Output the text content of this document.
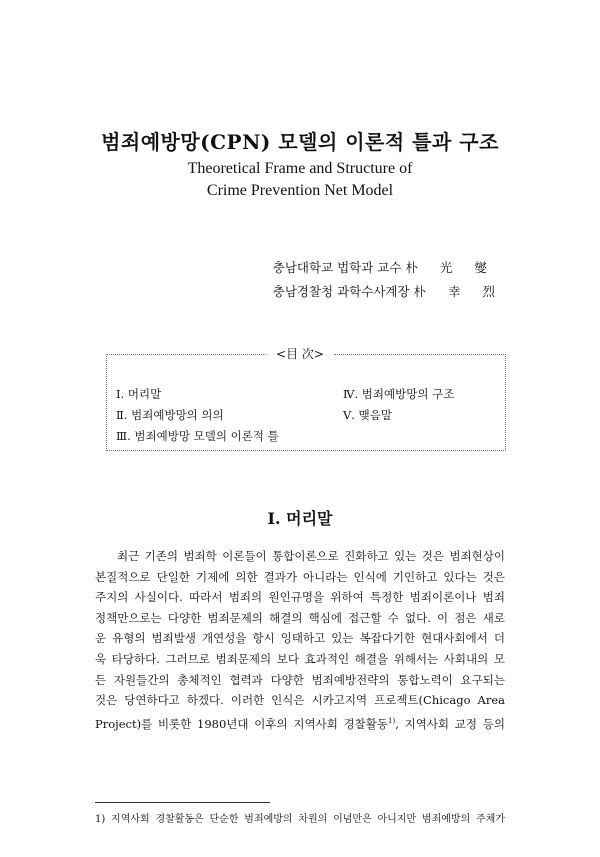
범죄예방망(CPN) 모델의 이론적 틀과 구조
Theoretical Frame and Structure of
Crime Prevention Net Model
충남대학교 법학과 교수 朴 光 燮
충남경찰청 과학수사계장 朴 幸 烈
<目 次>
Ⅰ. 머리말
Ⅱ. 범죄예방망의 의의
Ⅲ. 범죄예방망 모델의 이론적 틀
Ⅳ. 범죄예방망의 구조
Ⅴ. 맺음말
Ⅰ. 머리말
최근 기존의 범죄학 이론들이 통합이론으로 진화하고 있는 것은 범죄현상이
본질적으로 단일한 기제에 의한 결과가 아니라는 인식에 기인하고 있다는 것은
주지의 사실이다. 따라서 범죄의 원인규명을 위하여 특정한 범죄이론이나 범죄
정책만으로는 다양한 범죄문제의 해결의 핵심에 접근할 수 없다. 이 점은 새로
운 유형의 범죄발생 개연성을 항시 잉태하고 있는 복잡다기한 현대사회에서 더
욱 타당하다. 그러므로 범죄문제의 보다 효과적인 해결을 위해서는 사회내의 모
든 자원들간의 총체적인 협력과 다양한 범죄예방전략의 통합노력이 요구되는
것은 당연하다고 하겠다. 이러한 인식은 시카고지역 프로젝트(Chicago Area
Project)를 비롯한 1980년대 이후의 지역사회 경찰활동$^{1)}$, 지역사회 교정 등의
1) 지역사회 경찰활동은 단순한 범죄예방의 차원의 이념만은 아니지만 범죄예방의 주체가
